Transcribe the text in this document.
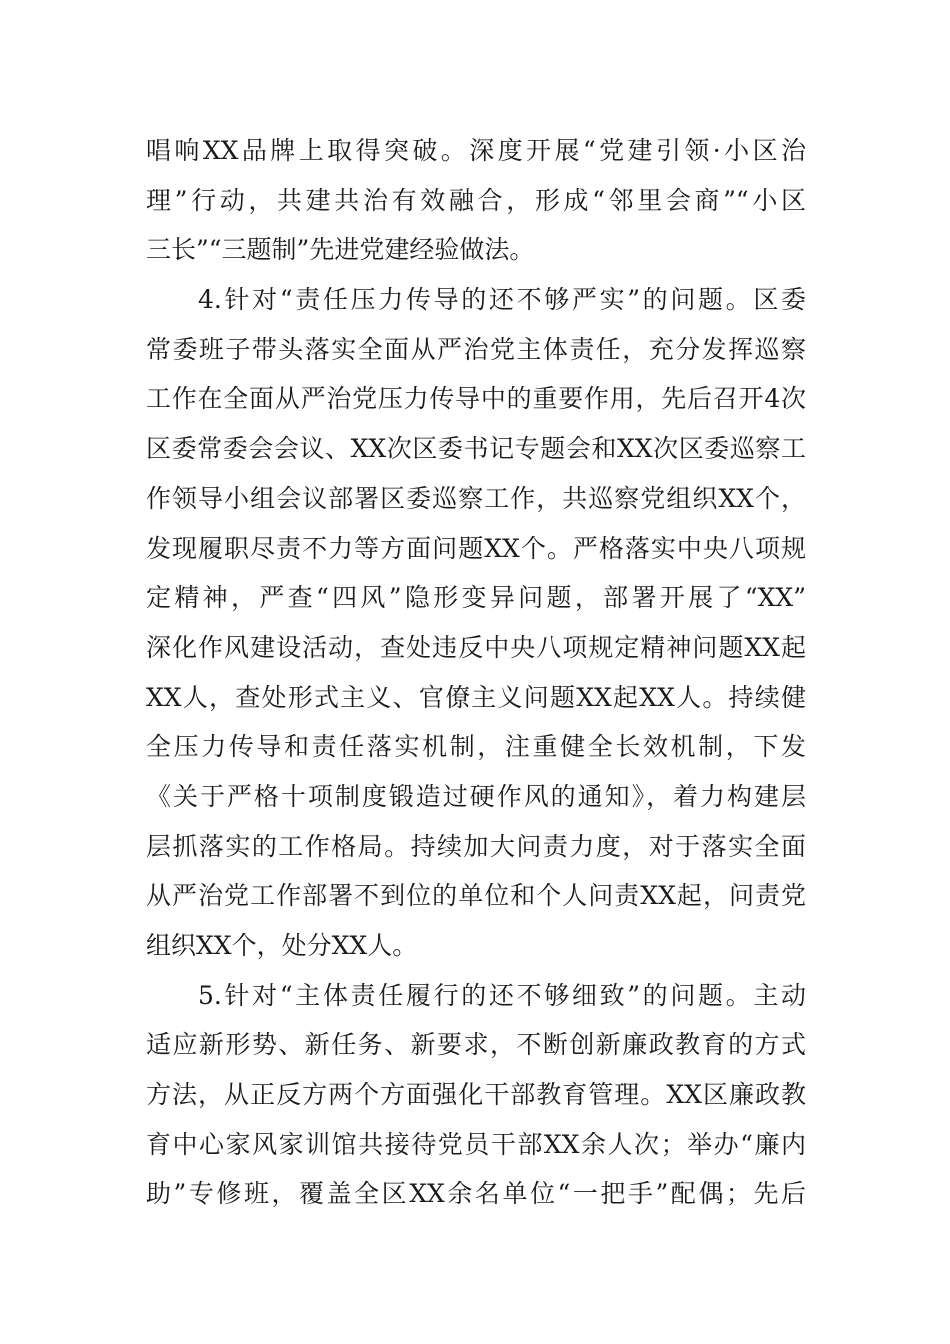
唱响XX品牌上取得突破。深度开展“党建引领·小区治
理”行动，共建共治有效融合，形成“邻里会商”“小区
三长”“三题制”先进党建经验做法。
4.针对“责任压力传导的还不够严实”的问题。区委
常委班子带头落实全面从严治党主体责任，充分发挥巡察
工作在全面从严治党压力传导中的重要作用，先后召开4次
区委常委会会议、XX次区委书记专题会和XX次区委巡察工
作领导小组会议部署区委巡察工作，共巡察党组织XX个，
发现履职尽责不力等方面问题XX个。严格落实中央八项规
定精神，严查“四风”隐形变异问题，部署开展了“XX”
深化作风建设活动，查处违反中央八项规定精神问题XX起
XX人，查处形式主义、官僚主义问题XX起XX人。持续健
全压力传导和责任落实机制，注重健全长效机制，下发
《关于严格十项制度锻造过硬作风的通知》，着力构建层
层抓落实的工作格局。持续加大问责力度，对于落实全面
从严治党工作部署不到位的单位和个人问责XX起，问责党
组织XX个，处分XX人。
5.针对“主体责任履行的还不够细致”的问题。主动
适应新形势、新任务、新要求，不断创新廉政教育的方式
方法，从正反方两个方面强化干部教育管理。XX区廉政教
育中心家风家训馆共接待党员干部XX余人次；举办“廉内
助”专修班，覆盖全区XX余名单位“一把手”配偶；先后
